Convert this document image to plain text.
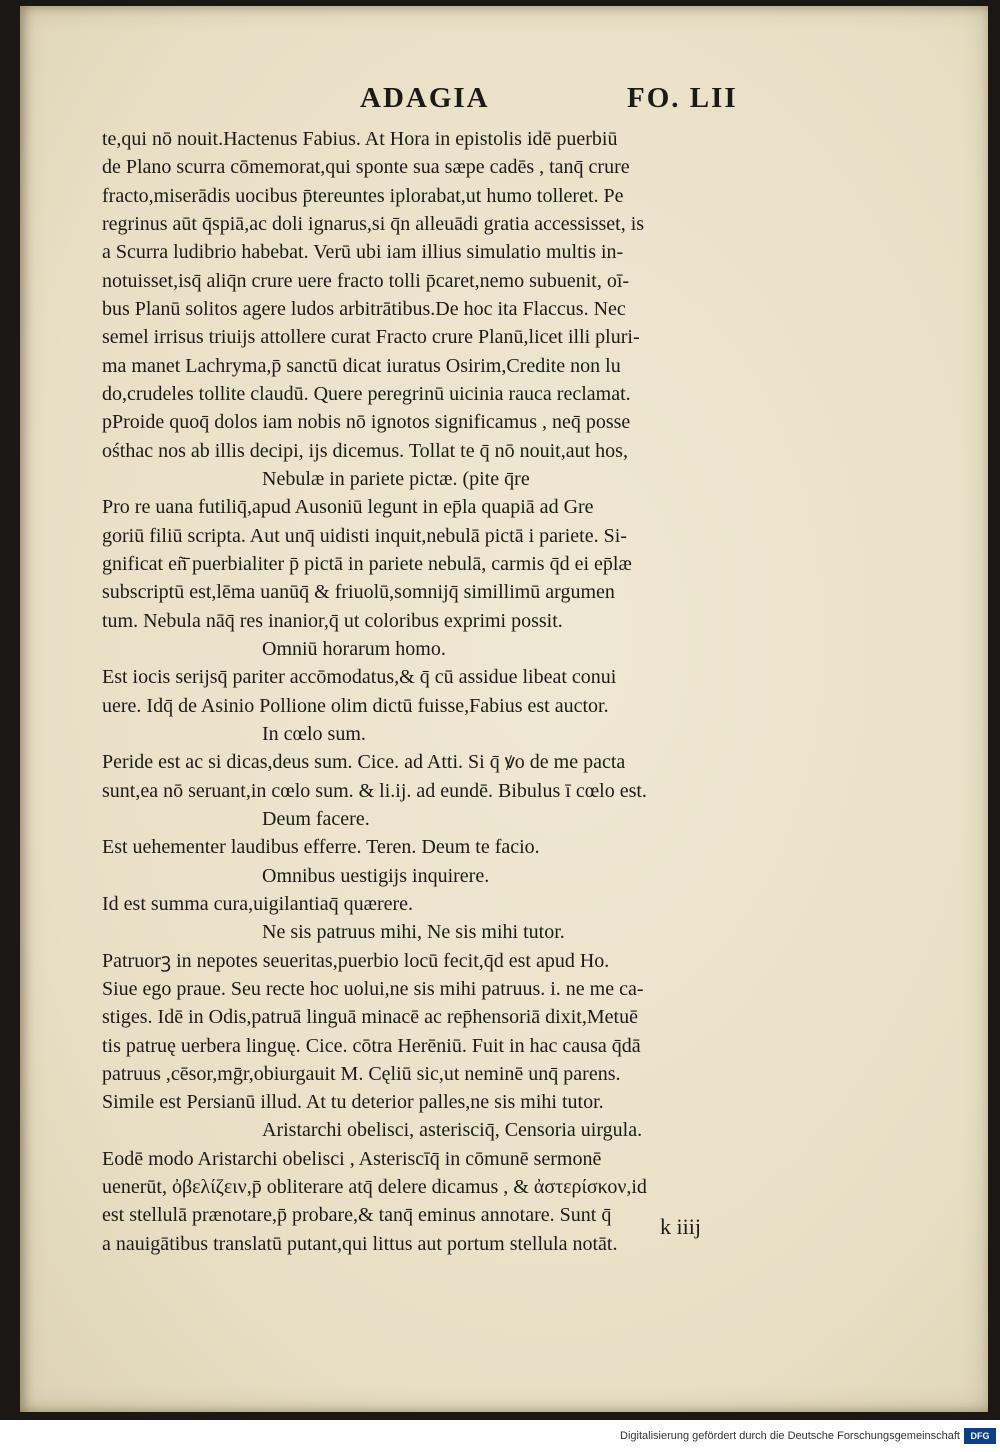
ADAGIA	FO. LII
te,qui nō nouit.Hactenus Fabius. At Hora in epistolis idē puerbiū
de Plano scurra cōmemorat,qui sponte sua sæpe cadēs , tanq̄ crure
fracto,miserādis uocibus p̄tereuntes iplorabat,ut humo tolleret. Pe
regrinus aūt q̄spiā,ac doli ignarus,si q̄n alleuādi gratia accessisset, is
a Scurra ludibrio habebat. Verū ubi iam illius simulatio multis in-
notuisset,isq̄ aliq̄n crure uere fracto tolli p̄caret,nemo subuenit, oī-
bus Planū solitos agere ludos arbitrātibus.De hoc ita Flaccus. Nec
semel irrisus triuijs attollere curat Fracto crure Planū,licet illi pluri-
ma manet Lachryma,p̄ sanctū dicat iuratus Osirim,Credite non lu
do,crudeles tollite claudū. Quere peregrinū uicinia rauca reclamat.
pProide quoq̄ dolos iam nobis nō ignotos significamus , neq̄ posse
ośthac nos ab illis decipi, ijs dicemus. Tollat te q̄ nō nouit,aut hos,
Nebulæ in pariete pictæ. (pite q̄re
Pro re uana futiliq̄,apud Ausoniū legunt in ep̄la quapiā ad Gre
goriū filiū scripta. Aut unq̄ uidisti inquit,nebulā pictā i pariete. Si-
gnificat eñ̄ puerbialiter p̄ pictā in pariete nebulā, carmis q̄d ei ep̄læ
subscriptū est,lēma uanūq̄ & friuolū,somnijq̄ simillimū argumen
tum. Nebula nāq̄ res inanior,q̄ ut coloribus exprimi possit.
Omniū horarum homo.
Est iocis serijsq̄ pariter accōmodatus,& q̄ cū assidue libeat conui
uere. Idq̄ de Asinio Pollione olim dictū fuisse,Fabius est auctor.
In cœlo sum.
Peride est ac si dicas,deus sum. Cice. ad Atti. Si q̄ ꝟo de me pacta
sunt,ea nō seruant,in cœlo sum. & li.ij. ad eundē. Bibulus ī cœlo est.
Deum facere.
Est uehementer laudibus efferre. Teren. Deum te facio.
Omnibus uestigijs inquirere.
Id est summa cura,uigilantiaq̄ quærere.
Ne sis patruus mihi, Ne sis mihi tutor.
Patruorꝫ in nepotes seueritas,puerbio locū fecit,q̄d est apud Ho.
Siue ego praue. Seu recte hoc uolui,ne sis mihi patruus. i. ne me ca-
stiges. Idē in Odis,patruā linguā minacē ac rep̄hensoriā dixit,Metuē
tis patruę uerbera linguę. Cice. cōtra Herēniū. Fuit in hac causa q̄dā
patruus ,cēsor,mḡr,obiurgauit M. Cęliū sic,ut neminē unq̄ parens.
Simile est Persianū illud. At tu deterior palles,ne sis mihi tutor.
Aristarchi obelisci, asterisciq̄, Censoria uirgula.
Eodē modo Aristarchi obelisci , Asteriscīq̄ in cōmunē sermonē
uenerūt, ὀβελίζειν,p̄ obliterare atq̄ delere dicamus , & ἀστερίσκον,id
est stellulā prænotare,p̄ probare,& tanq̄ eminus annotare. Sunt q̄
a nauigātibus translatū putant,qui littus aut portum stellula notāt.
k iiij
Digitalisierung gefördert durch die Deutsche Forschungsgemeinschaft	DFG
